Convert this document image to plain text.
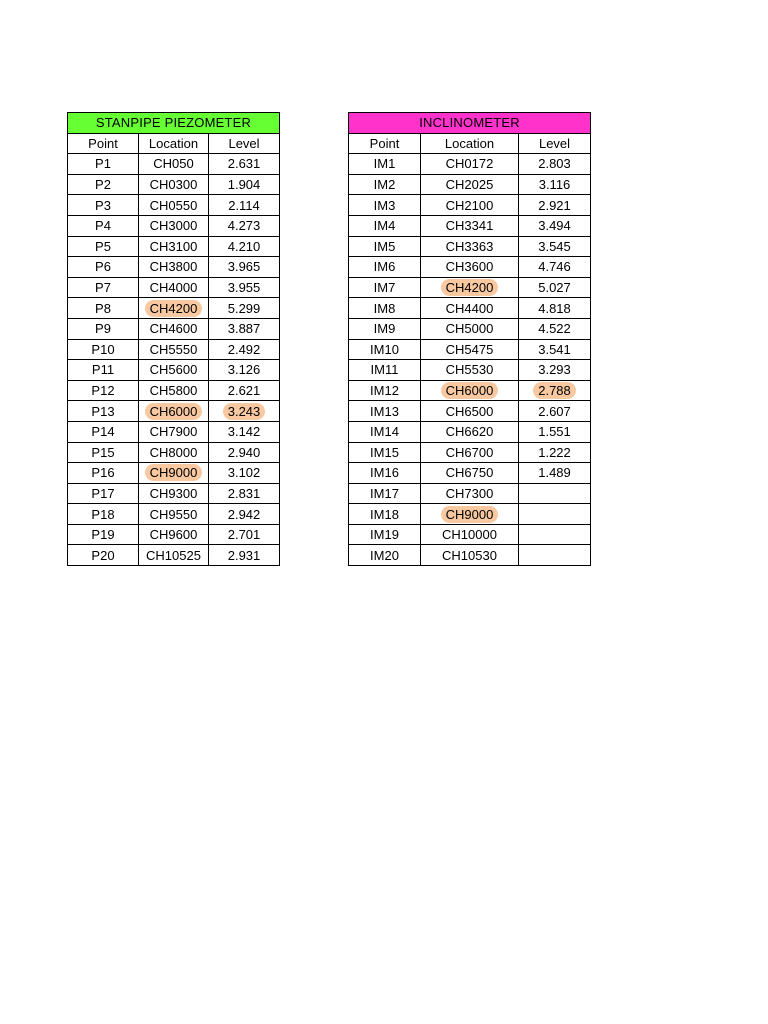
STANPIPE PIEZOMETER		
Point	Location	Level
P1	CH050	2.631
P2	CH0300	1.904
P3	CH0550	2.114
P4	CH3000	4.273
P5	CH3100	4.210
P6	CH3800	3.965
P7	CH4000	3.955
P8	CH4200	5.299
P9	CH4600	3.887
P10	CH5550	2.492
P11	CH5600	3.126
P12	CH5800	2.621
P13	CH6000	3.243
P14	CH7900	3.142
P15	CH8000	2.940
P16	CH9000	3.102
P17	CH9300	2.831
P18	CH9550	2.942
P19	CH9600	2.701
P20	CH10525	2.931
INCLINOMETER		
Point	Location	Level
IM1	CH0172	2.803
IM2	CH2025	3.116
IM3	CH2100	2.921
IM4	CH3341	3.494
IM5	CH3363	3.545
IM6	CH3600	4.746
IM7	CH4200	5.027
IM8	CH4400	4.818
IM9	CH5000	4.522
IM10	CH5475	3.541
IM11	CH5530	3.293
IM12	CH6000	2.788
IM13	CH6500	2.607
IM14	CH6620	1.551
IM15	CH6700	1.222
IM16	CH6750	1.489
IM17	CH7300	
IM18	CH9000	
IM19	CH10000	
IM20	CH10530	
